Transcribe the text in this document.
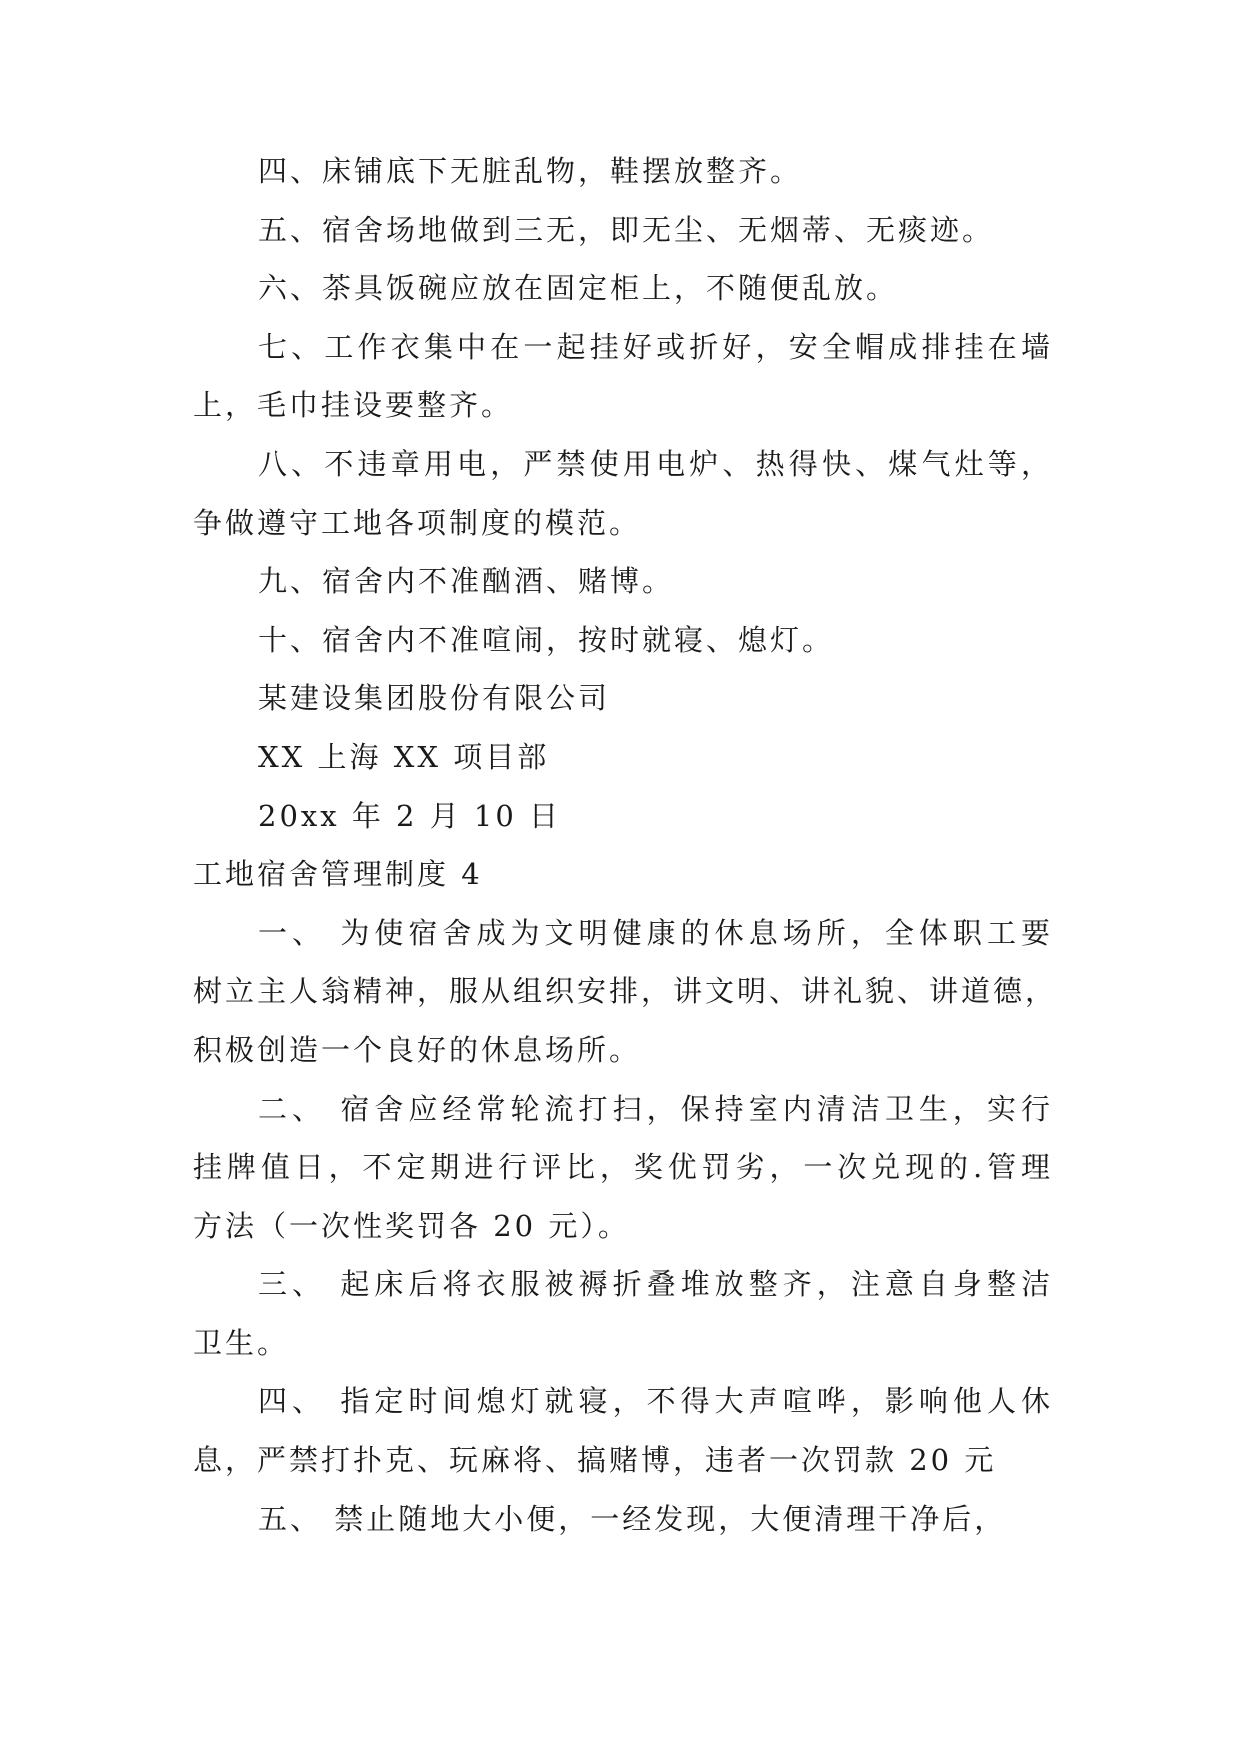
四、床铺底下无脏乱物，鞋摆放整齐。
五、宿舍场地做到三无，即无尘、无烟蒂、无痰迹。
六、茶具饭碗应放在固定柜上，不随便乱放。
七、工作衣集中在一起挂好或折好，安全帽成排挂在墙
上，毛巾挂设要整齐。
八、不违章用电，严禁使用电炉、热得快、煤气灶等，
争做遵守工地各项制度的模范。
九、宿舍内不准酗酒、赌博。
十、宿舍内不准喧闹，按时就寝、熄灯。
某建设集团股份有限公司
XX 上海 XX 项目部
20xx 年 2 月 10 日
工地宿舍管理制度 4
一、 为使宿舍成为文明健康的休息场所，全体职工要
树立主人翁精神，服从组织安排，讲文明、讲礼貌、讲道德，
积极创造一个良好的休息场所。
二、 宿舍应经常轮流打扫，保持室内清洁卫生，实行
挂牌值日，不定期进行评比，奖优罚劣，一次兑现的.管理
方法（一次性奖罚各 20 元）。
三、 起床后将衣服被褥折叠堆放整齐，注意自身整洁
卫生。
四、 指定时间熄灯就寝，不得大声喧哗，影响他人休
息，严禁打扑克、玩麻将、搞赌博，违者一次罚款 20 元
五、 禁止随地大小便，一经发现，大便清理干净后，
